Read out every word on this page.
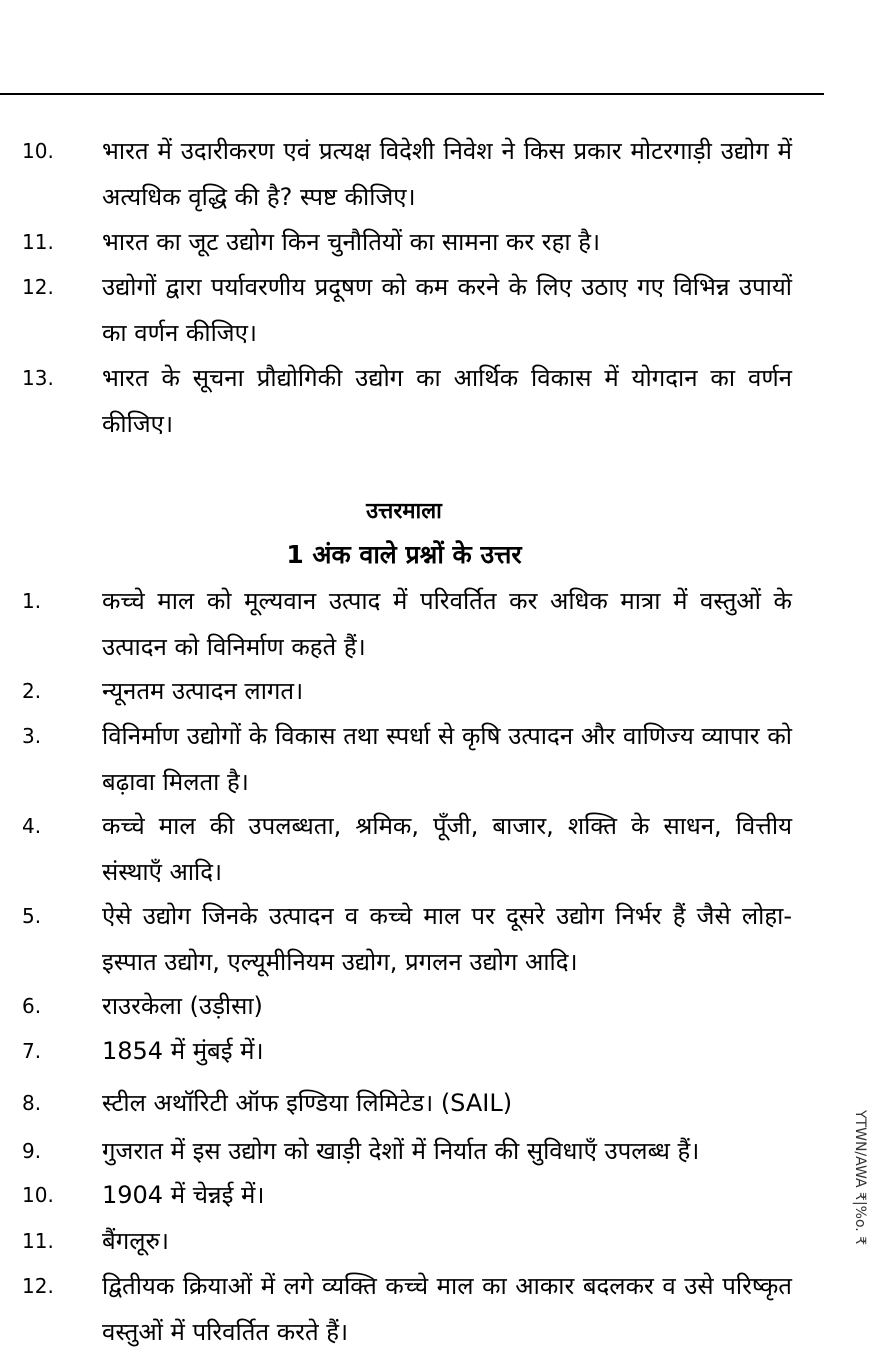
10. भारत में उदारीकरण एवं प्रत्यक्ष विदेशी निवेश ने किस प्रकार मोटरगाड़ी उद्योग में अत्यधिक वृद्धि की है? स्पष्ट कीजिए।
11. भारत का जूट उद्योग किन चुनौतियों का सामना कर रहा है।
12. उद्योगों द्वारा पर्यावरणीय प्रदूषण को कम करने के लिए उठाए गए विभिन्न उपायों का वर्णन कीजिए।
13. भारत के सूचना प्रौद्योगिकी उद्योग का आर्थिक विकास में योगदान का वर्णन कीजिए।
उत्तरमाला
1 अंक वाले प्रश्नों के उत्तर
1.	कच्चे माल को मूल्यवान उत्पाद में परिवर्तित कर अधिक मात्रा में वस्तुओं के उत्पादन को विनिर्माण कहते हैं।
2.	न्यूनतम उत्पादन लागत।
3.	विनिर्माण उद्योगों के विकास तथा स्पर्धा से कृषि उत्पादन और वाणिज्य व्यापार को बढ़ावा मिलता है।
4.	कच्चे माल की उपलब्धता, श्रमिक, पूँजी, बाजार, शक्ति के साधन, वित्तीय संस्थाएँ आदि।
5.	ऐसे उद्योग जिनके उत्पादन व कच्चे माल पर दूसरे उद्योग निर्भर हैं जैसे लोहा-इस्पात उद्योग, एल्यूमीनियम उद्योग, प्रगलन उद्योग आदि।
6.	राउरकेला (उड़ीसा)
7.	1854 में मुंबई में।
8.	स्टील अथॉरिटी ऑफ इण्डिया लिमिटेड। (SAIL)
9.	गुजरात में इस उद्योग को खाड़ी देशों में निर्यात की सुविधाएँ उपलब्ध हैं।
10. 1904 में चेन्नई में।
11. बैंगलूरु।
12. द्वितीयक क्रियाओं में लगे व्यक्ति कच्चे माल का आकार बदलकर व उसे परिष्कृत वस्तुओं में परिवर्तित करते हैं।
YTWN/AWA ₹|%o. ₹
